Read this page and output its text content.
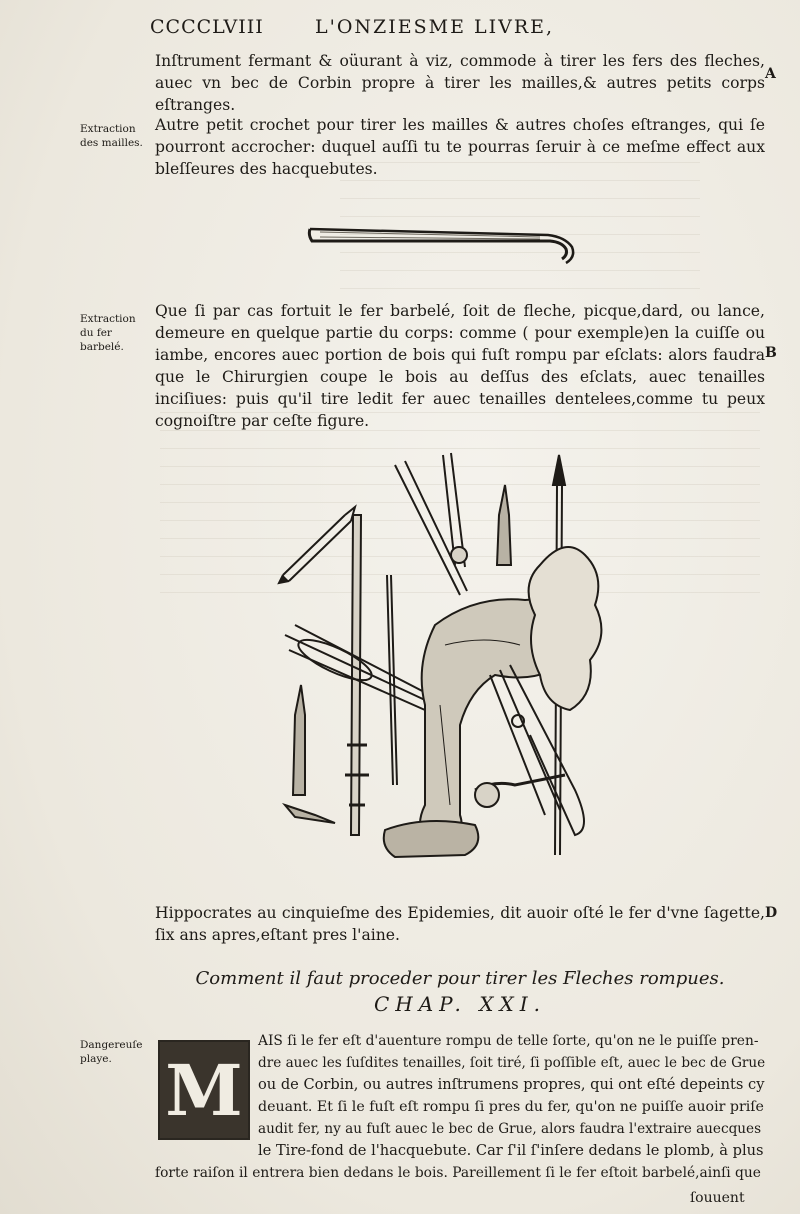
CCCCLVIII	L'ONZIESME LIVRE,
Inſtrument fermant & oüurant à viz, commode à tirer les fers des fleches, auec vn bec de Corbin propre à tirer les mailles,& autres petits corps eſtranges.
A
Extraction des mailles.
Autre petit crochet pour tirer les mailles & autres choſes eſtranges, qui ſe pourront accrocher: duquel auſſi tu te pourras ſeruir à ce meſme effect aux bleſſeures des hacquebutes.
Extraction du fer barbelé.
Que ſi par cas fortuit le fer barbelé, ſoit de fleche, picque,dard, ou lance, demeure en quelque partie du corps: comme ( pour exemple)en la cuiſſe ou iambe, encores auec portion de bois qui fuſt rompu par eſclats: alors faudra que le Chirurgien coupe le bois au deſſus des eſclats, auec tenailles inciſiues: puis qu'il tire ledit fer auec tenailles dentelees,comme tu peux cognoiſtre par ceſte figure.
B
Hippocrates au cinquieſme des Epidemies, dit auoir oſté le fer d'vne ſagette, ſix ans apres,eſtant pres l'aine.
D
Comment il faut proceder pour tirer les Fleches rompues.
CHAP. XXI.
Dangereuſe playe. M
AIS ſi le fer eſt d'auenture rompu de telle ſorte, qu'on ne le puiſſe pren-
dre auec les ſuſdites tenailles, ſoit tiré, ſi poſſible eſt, auec le bec de Grue
ou de Corbin, ou autres inſtrumens propres, qui ont eſté depeints cy
deuant. Et ſi le fuſt eſt rompu ſi pres du fer, qu'on ne puiſſe auoir priſe
audit fer, ny au fuſt auec le bec de Grue, alors faudra l'extraire auecques
le Tire-fond de l'hacquebute. Car ſ'il ſ'inſere dedans le plomb, à plus
forte raiſon il entrera bien dedans le bois. Pareillement ſi le fer eſtoit barbelé,ainſi que
ſouuent
